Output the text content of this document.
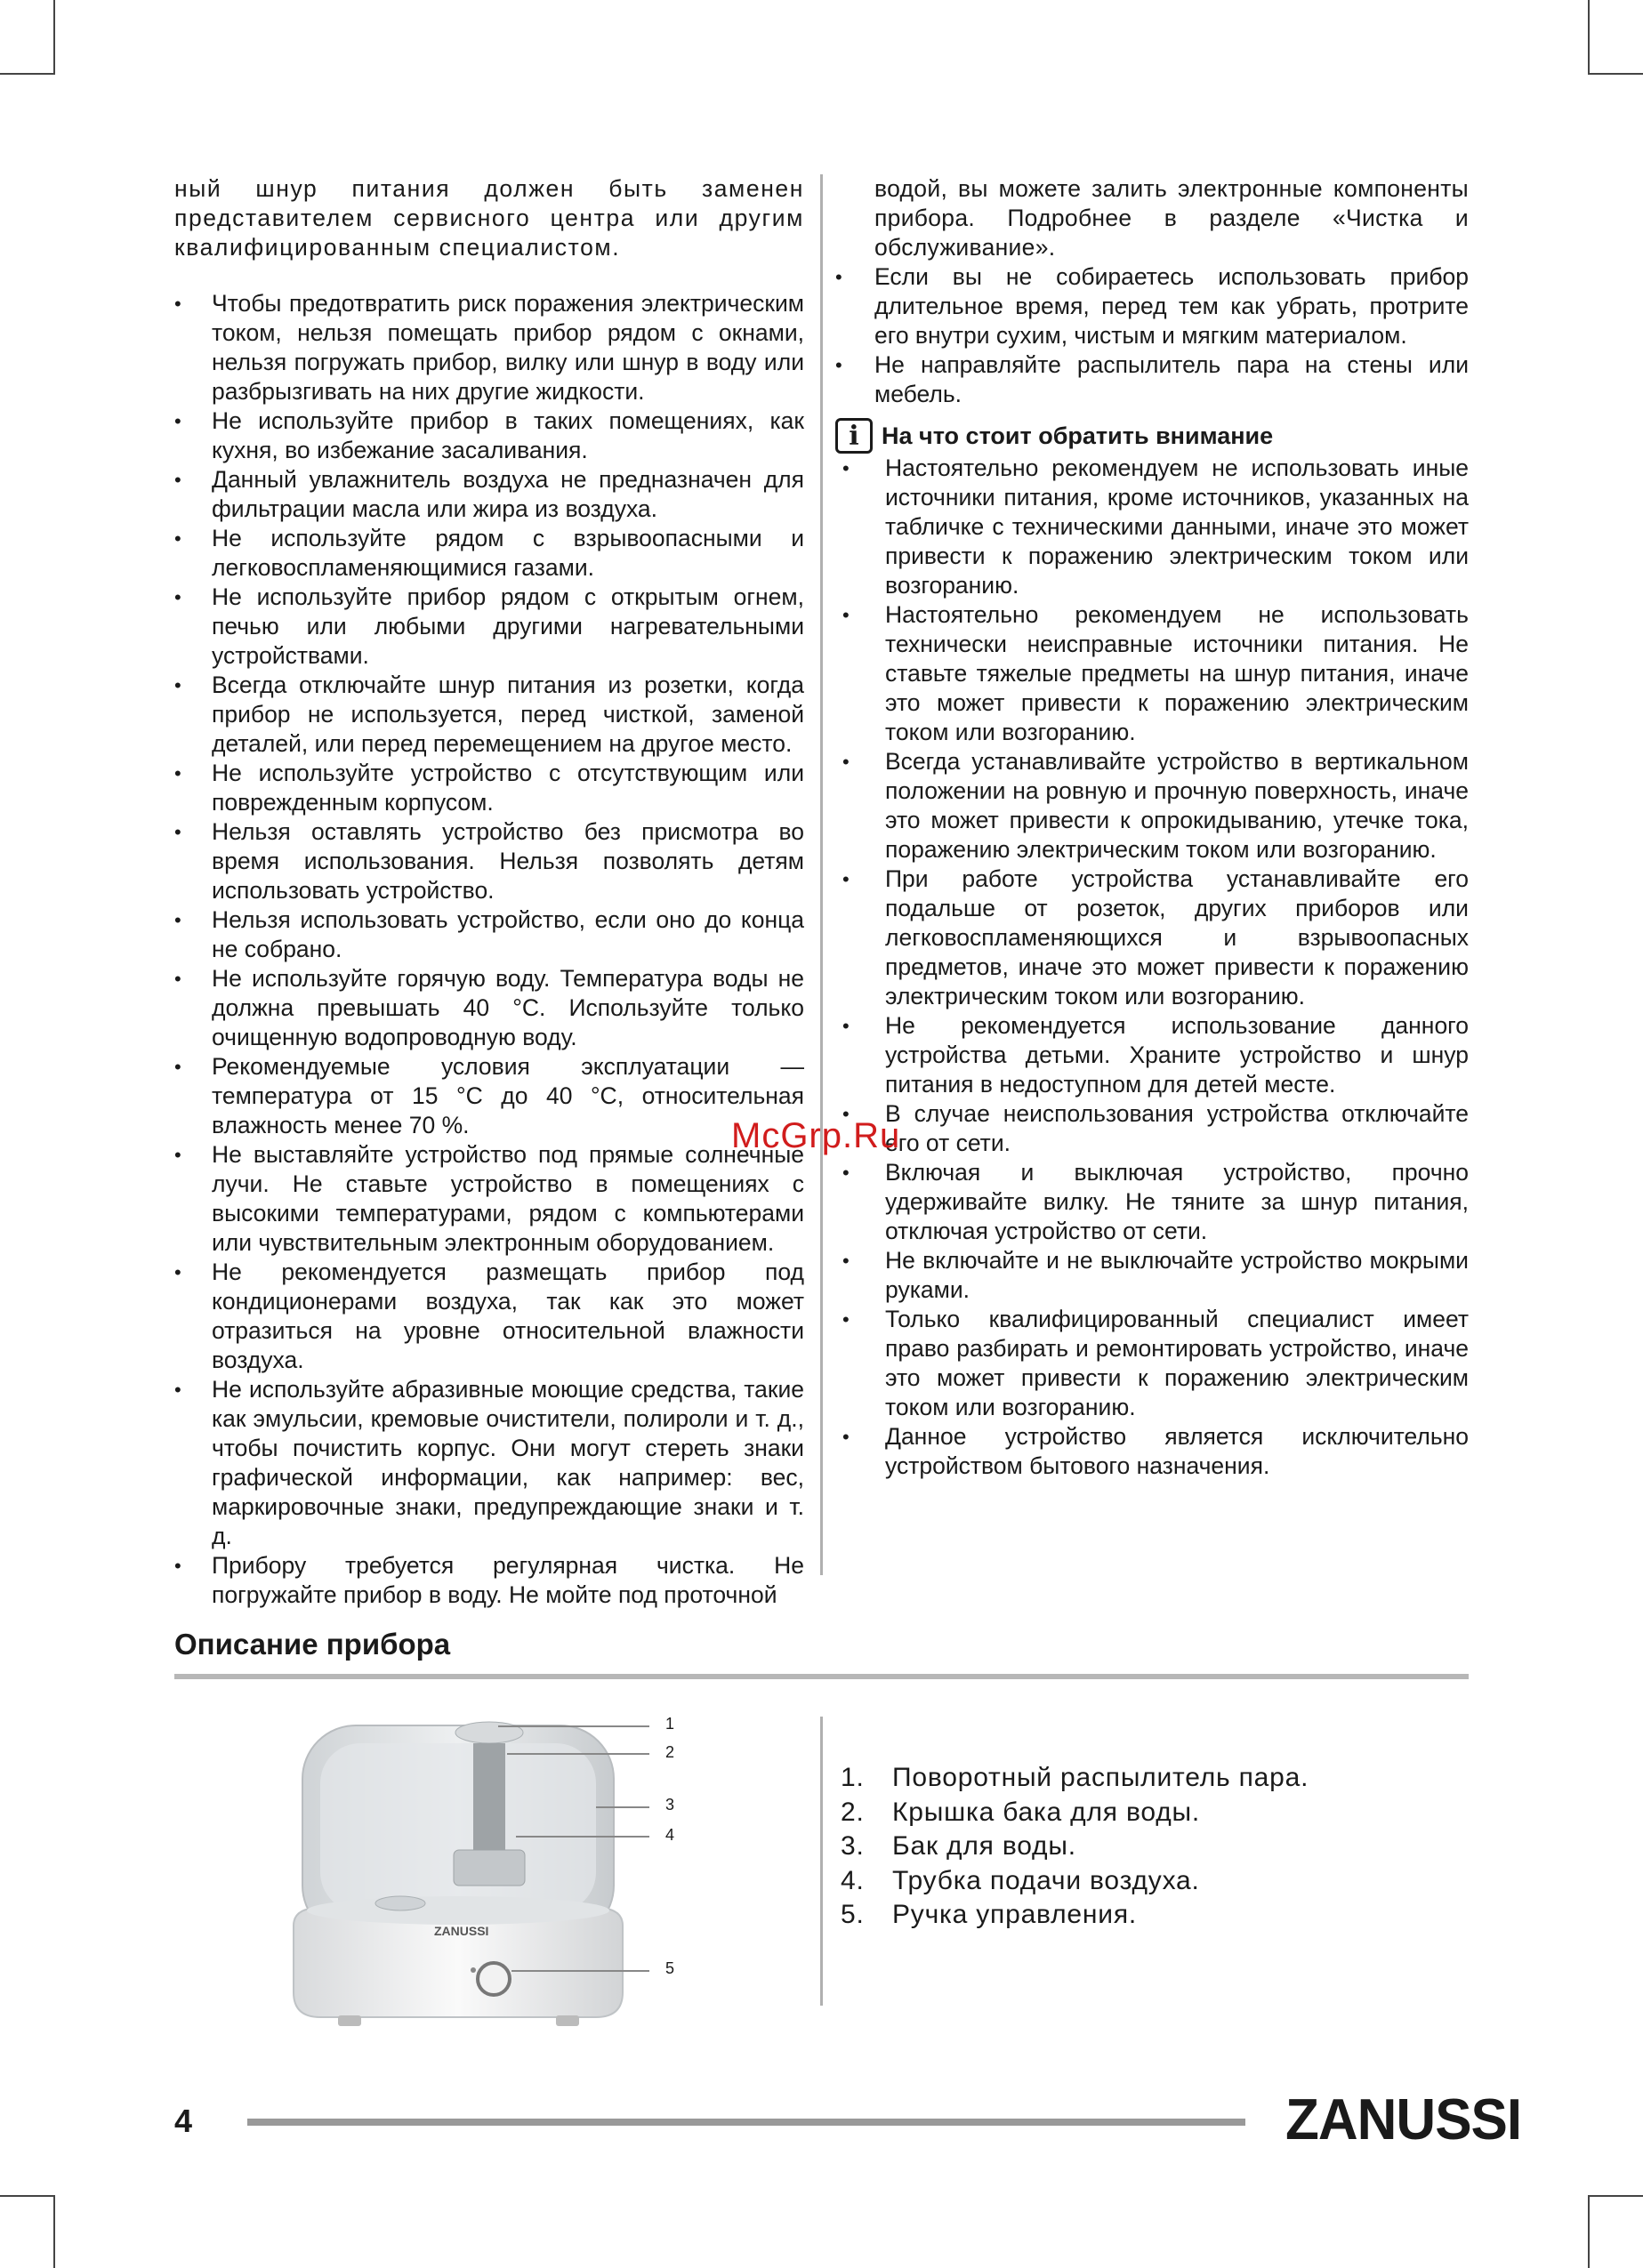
ный шнур питания должен быть заменен представителем сервисного центра или другим квалифицированным специалистом.

• Чтобы предотвратить риск поражения электрическим током, нельзя помещать прибор рядом с окнами, нельзя погружать прибор, вилку или шнур в воду или разбрызгивать на них другие жидкости.
• Не используйте прибор в таких помещениях, как кухня, во избежание засаливания.
• Данный увлажнитель воздуха не предназначен для фильтрации масла или жира из воздуха.
• Не используйте рядом с взрывоопасными и легковоспламеняющимися газами.
• Не используйте прибор рядом с открытым огнем, печью или любыми другими нагревательными устройствами.
• Всегда отключайте шнур питания из розетки, когда прибор не используется, перед чисткой, заменой деталей, или перед перемещением на другое место.
• Не используйте устройство с отсутствующим или поврежденным корпусом.
• Нельзя оставлять устройство без присмотра во время использования. Нельзя позволять детям использовать устройство.
• Нельзя использовать устройство, если оно до конца не собрано.
• Не используйте горячую воду. Температура воды не должна превышать 40 °C. Используйте только очищенную водопроводную воду.
• Рекомендуемые условия эксплуатации — температура от 15 °C до 40 °C, относительная влажность менее 70 %.
• Не выставляйте устройство под прямые солнечные лучи. Не ставьте устройство в помещениях с высокими температурами, рядом с компьютерами или чувствительным электронным оборудованием.
• Не рекомендуется размещать прибор под кондиционерами воздуха, так как это может отразиться на уровне относительной влажности воздуха.
• Не используйте абразивные моющие средства, такие как эмульсии, кремовые очистители, полироли и т. д., чтобы почистить корпус. Они могут стереть знаки графической информации, как например: вес, маркировочные знаки, предупреждающие знаки и т. д.
• Прибору требуется регулярная чистка. Не погружайте прибор в воду. Не мойте под проточной

водой, вы можете залить электронные компоненты прибора. Подробнее в разделе «Чистка и обслуживание».

• Если вы не собираетесь использовать прибор длительное время, перед тем как убрать, протрите его внутри сухим, чистым и мягким материалом.
• Не направляйте распылитель пара на стены или мебель.
i На что стоит обратить внимание
• Настоятельно рекомендуем не использовать иные источники питания, кроме источников, указанных на табличке с техническими данными, иначе это может привести к поражению электрическим током или возгоранию.
• Настоятельно рекомендуем не использовать технически неисправные источники питания. Не ставьте тяжелые предметы на шнур питания, иначе это может привести к поражению электрическим током или возгоранию.
• Всегда устанавливайте устройство в вертикальном положении на ровную и прочную поверхность, иначе это может привести к опрокидыванию, утечке тока, поражению электрическим током или возгоранию.
• При работе устройства устанавливайте его подальше от розеток, других приборов или легковоспламеняющихся и взрывоопасных предметов, иначе это может привести к поражению электрическим током или возгоранию.
• Не рекомендуется использование данного устройства детьми. Храните устройство и шнур питания в недоступном для детей месте.
• В случае неиспользования устройства отключайте его от сети.
• Включая и выключая устройство, прочно удерживайте вилку. Не тяните за шнур питания, отключая устройство от сети.
• Не включайте и не выключайте устройство мокрыми руками.
• Только квалифицированный специалист имеет право разбирать и ремонтировать устройство, иначе это может привести к поражению электрическим током или возгоранию.
• Данное устройство является исключительно устройством бытового назначения.
McGrp.Ru
Описание прибора
ZANUSSI
1
2
3
4
5
1.	Поворотный распылитель пара.
2.	Крышка бака для воды.
3.	Бак для воды.
4.	Трубка подачи воздуха.
5.	Ручка управления.
4	ZANUSSI
